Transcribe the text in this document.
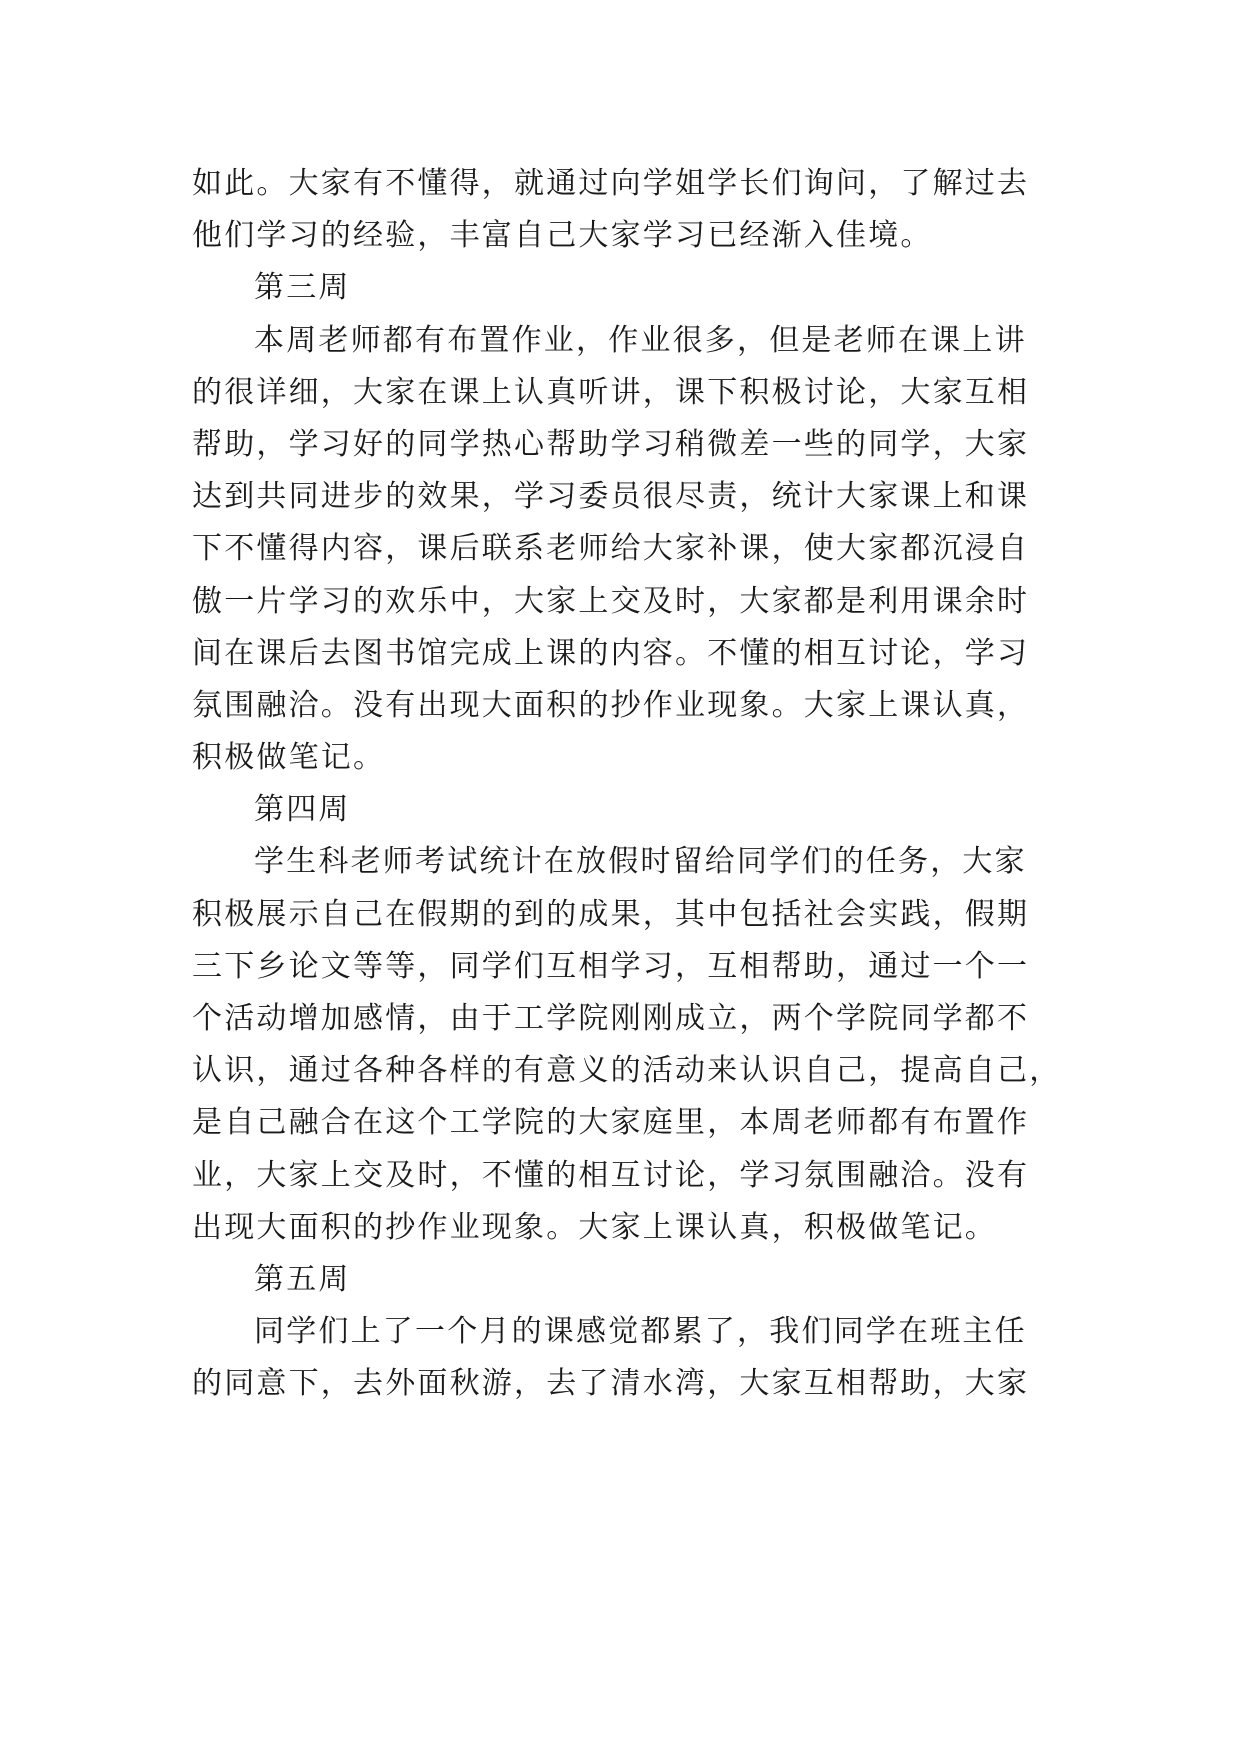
如此。大家有不懂得，就通过向学姐学长们询问，了解过去
他们学习的经验，丰富自己大家学习已经渐入佳境。
第三周
本周老师都有布置作业，作业很多，但是老师在课上讲
的很详细，大家在课上认真听讲，课下积极讨论，大家互相
帮助，学习好的同学热心帮助学习稍微差一些的同学，大家
达到共同进步的效果，学习委员很尽责，统计大家课上和课
下不懂得内容，课后联系老师给大家补课，使大家都沉浸自
傲一片学习的欢乐中，大家上交及时，大家都是利用课余时
间在课后去图书馆完成上课的内容。不懂的相互讨论，学习
氛围融洽。没有出现大面积的抄作业现象。大家上课认真，
积极做笔记。
第四周
学生科老师考试统计在放假时留给同学们的任务，大家
积极展示自己在假期的到的成果，其中包括社会实践，假期
三下乡论文等等，同学们互相学习，互相帮助，通过一个一
个活动增加感情，由于工学院刚刚成立，两个学院同学都不
认识，通过各种各样的有意义的活动来认识自己，提高自己，
是自己融合在这个工学院的大家庭里，本周老师都有布置作
业，大家上交及时，不懂的相互讨论，学习氛围融洽。没有
出现大面积的抄作业现象。大家上课认真，积极做笔记。
第五周
同学们上了一个月的课感觉都累了，我们同学在班主任
的同意下，去外面秋游，去了清水湾，大家互相帮助，大家
